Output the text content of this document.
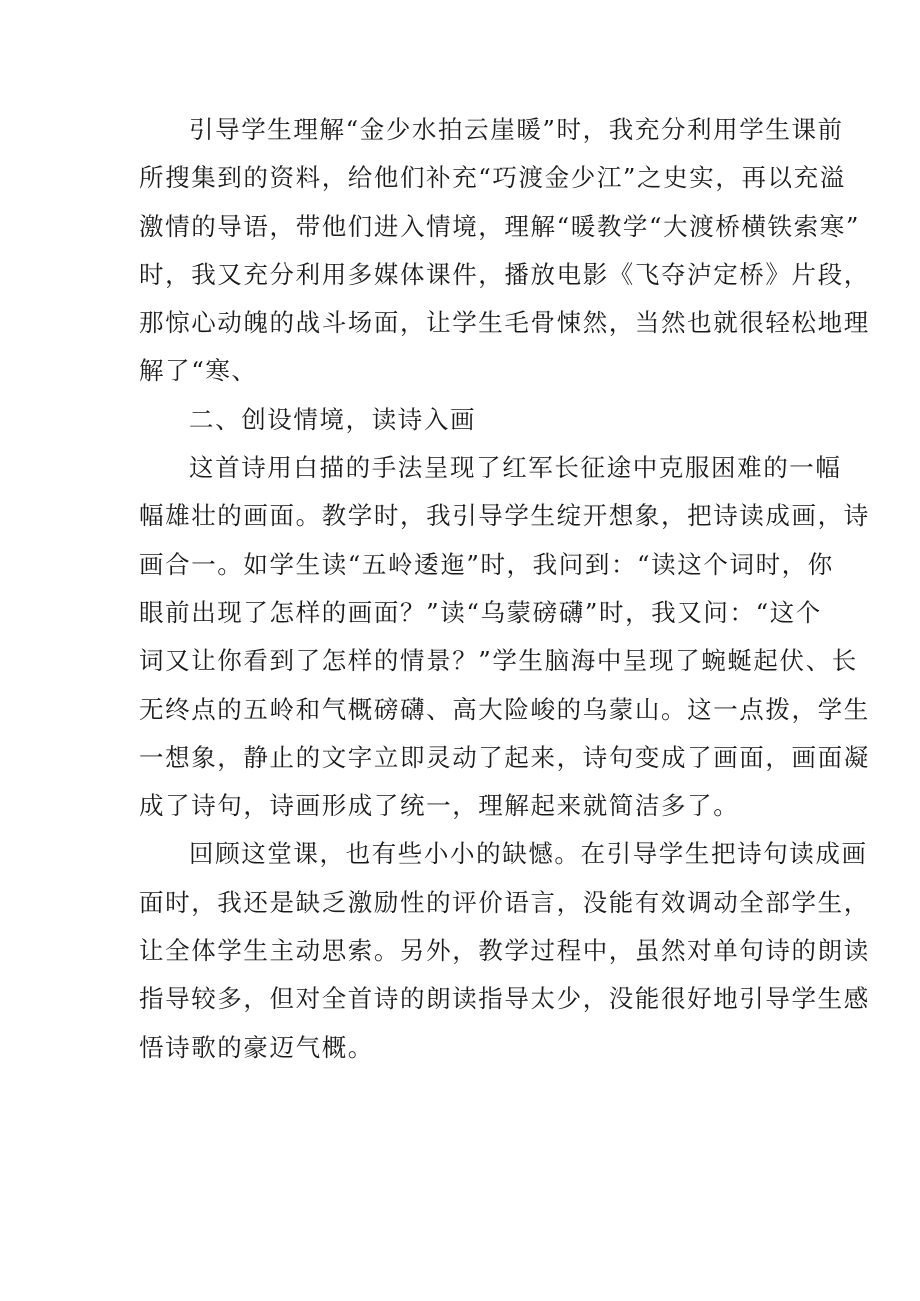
引导学生理解“金少水拍云崖暖”时，我充分利用学生课前
所搜集到的资料，给他们补充“巧渡金少江”之史实，再以充溢
激情的导语，带他们进入情境，理解“暖教学“大渡桥横铁索寒”
时，我又充分利用多媒体课件，播放电影《飞夺泸定桥》片段，
那惊心动魄的战斗场面，让学生毛骨悚然，当然也就很轻松地理
解了“寒、

二、创设情境，读诗入画

这首诗用白描的手法呈现了红军长征途中克服困难的一幅
幅雄壮的画面。教学时，我引导学生绽开想象，把诗读成画，诗
画合一。如学生读“五岭逶迤”时，我问到：“读这个词时，你
眼前出现了怎样的画面？”读“乌蒙磅礴”时，我又问：“这个
词又让你看到了怎样的情景？”学生脑海中呈现了蜿蜒起伏、长
无终点的五岭和气概磅礴、高大险峻的乌蒙山。这一点拨，学生
一想象，静止的文字立即灵动了起来，诗句变成了画面，画面凝
成了诗句，诗画形成了统一，理解起来就简洁多了。

回顾这堂课，也有些小小的缺憾。在引导学生把诗句读成画
面时，我还是缺乏激励性的评价语言，没能有效调动全部学生，
让全体学生主动思索。另外，教学过程中，虽然对单句诗的朗读
指导较多，但对全首诗的朗读指导太少，没能很好地引导学生感
悟诗歌的豪迈气概。
